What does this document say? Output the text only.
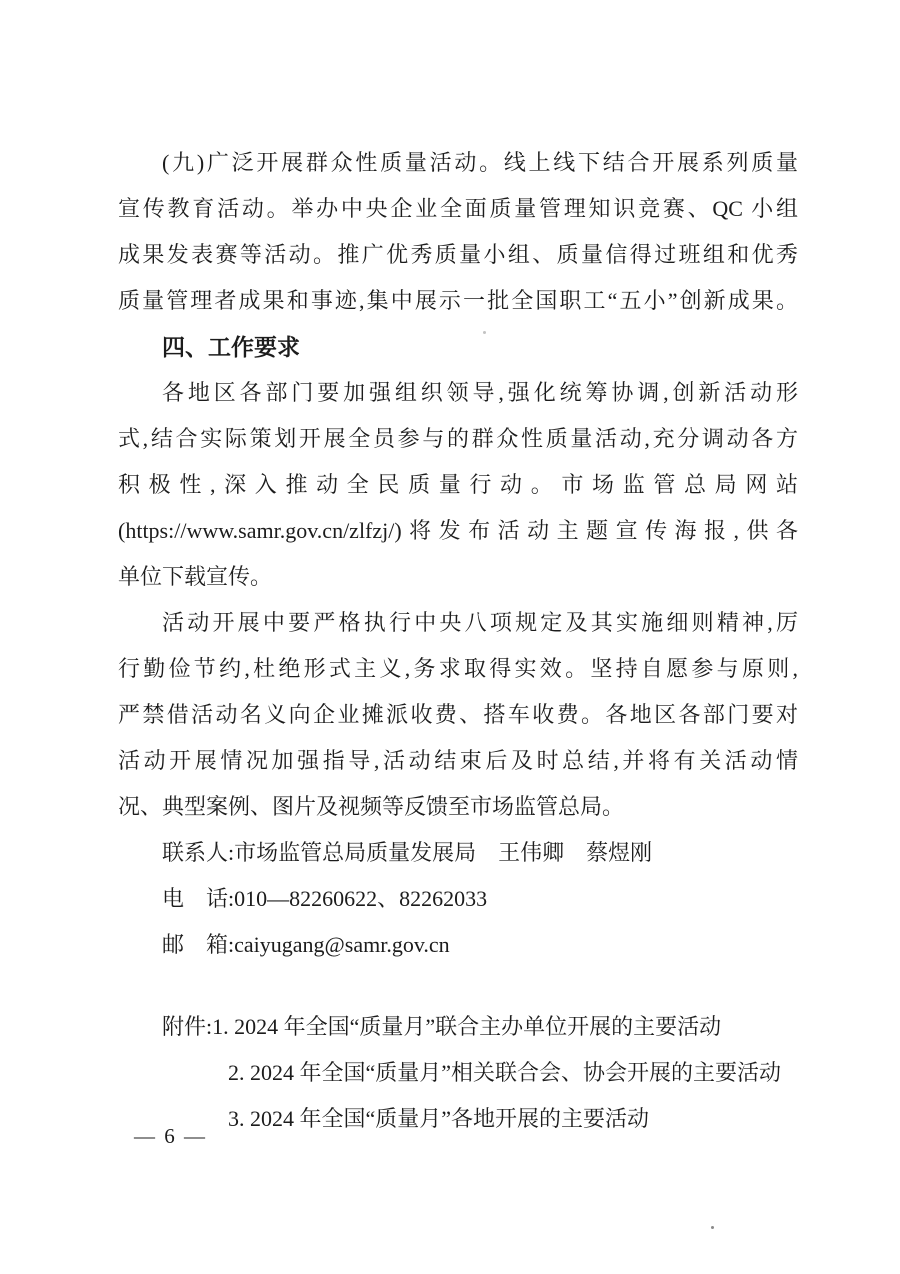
(九)广泛开展群众性质量活动。线上线下结合开展系列质量
宣传教育活动。举办中央企业全面质量管理知识竞赛、QC 小组
成果发表赛等活动。推广优秀质量小组、质量信得过班组和优秀
质量管理者成果和事迹,集中展示一批全国职工“五小”创新成果。
四、工作要求
各地区各部门要加强组织领导,强化统筹协调,创新活动形
式,结合实际策划开展全员参与的群众性质量活动,充分调动各方
积极性,深入推动全民质量行动。市场监管总局网站
(https://www.samr.gov.cn/zlfzj/)将发布活动主题宣传海报,供各
单位下载宣传。
活动开展中要严格执行中央八项规定及其实施细则精神,厉
行勤俭节约,杜绝形式主义,务求取得实效。坚持自愿参与原则,
严禁借活动名义向企业摊派收费、搭车收费。各地区各部门要对
活动开展情况加强指导,活动结束后及时总结,并将有关活动情
况、典型案例、图片及视频等反馈至市场监管总局。
联系人:市场监管总局质量发展局　王伟卿　蔡煜刚
电　话:010—82260622、82262033
邮　箱:caiyugang@samr.gov.cn
附件:1. 2024 年全国“质量月”联合主办单位开展的主要活动
2. 2024 年全国“质量月”相关联合会、协会开展的主要活动
3. 2024 年全国“质量月”各地开展的主要活动
— 6 —
